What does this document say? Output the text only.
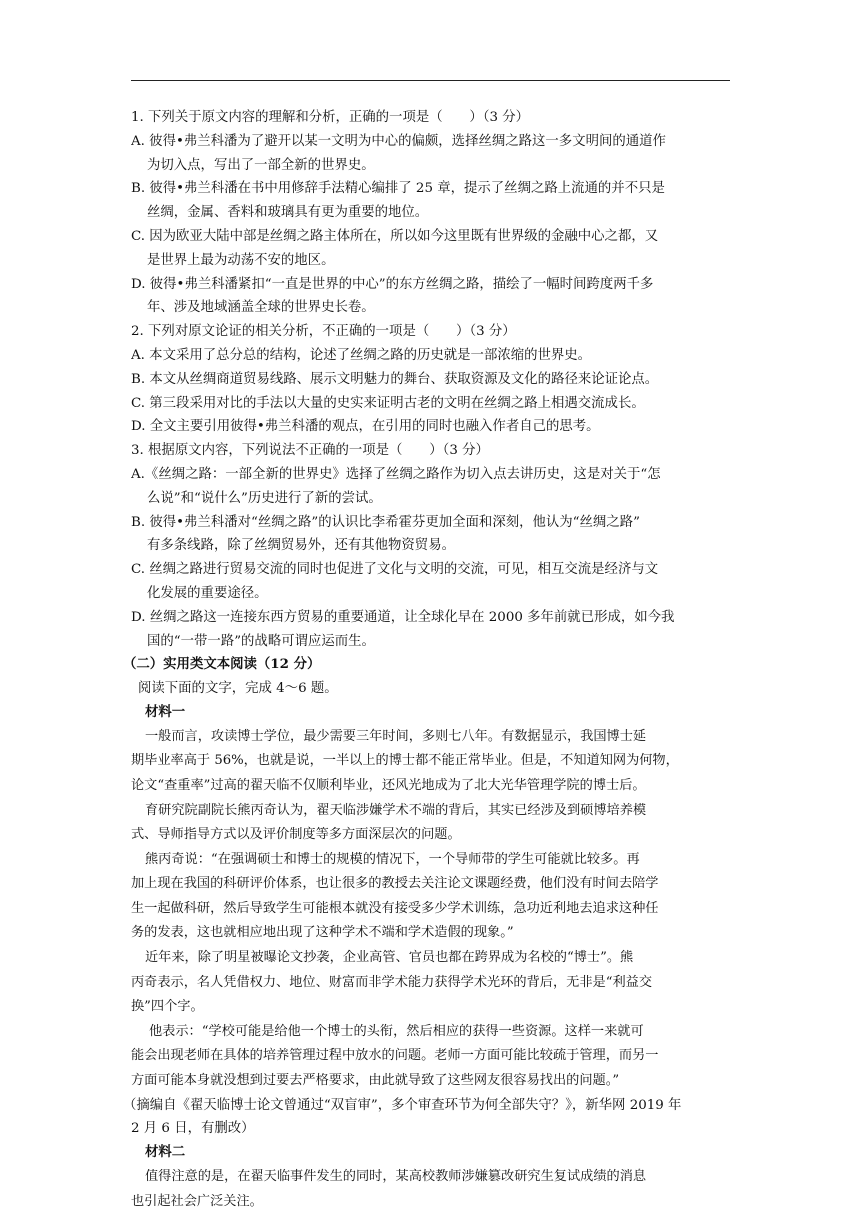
1. 下列关于原文内容的理解和分析，正确的一项是（　　）（3 分）

A. 彼得•弗兰科潘为了避开以某一文明为中心的偏颇，选择丝绸之路这一多文明间的通道作

为切入点，写出了一部全新的世界史。

B. 彼得•弗兰科潘在书中用修辞手法精心编排了 25 章，提示了丝绸之路上流通的并不只是

丝绸，金属、香料和玻璃具有更为重要的地位。

C. 因为欧亚大陆中部是丝绸之路主体所在，所以如今这里既有世界级的金融中心之都，又

是世界上最为动荡不安的地区。

D. 彼得•弗兰科潘紧扣“一直是世界的中心”的东方丝绸之路，描绘了一幅时间跨度两千多

年、涉及地域涵盖全球的世界史长卷。

2. 下列对原文论证的相关分析，不正确的一项是（　　）（3 分）

A. 本文采用了总分总的结构，论述了丝绸之路的历史就是一部浓缩的世界史。

B. 本文从丝绸商道贸易线路、展示文明魅力的舞台、获取资源及文化的路径来论证论点。

C. 第三段采用对比的手法以大量的史实来证明古老的文明在丝绸之路上相遇交流成长。

D. 全文主要引用彼得•弗兰科潘的观点，在引用的同时也融入作者自己的思考。

3. 根据原文内容，下列说法不正确的一项是（　　）（3 分）

A.《丝绸之路：一部全新的世界史》选择了丝绸之路作为切入点去讲历史，这是对关于“怎

么说”和“说什么”历史进行了新的尝试。

B. 彼得•弗兰科潘对“丝绸之路”的认识比李希霍芬更加全面和深刻，他认为“丝绸之路”

有多条线路，除了丝绸贸易外，还有其他物资贸易。

C. 丝绸之路进行贸易交流的同时也促进了文化与文明的交流，可见，相互交流是经济与文

化发展的重要途径。

D. 丝绸之路这一连接东西方贸易的重要通道，让全球化早在 2000 多年前就已形成，如今我

国的“一带一路”的战略可谓应运而生。

（二）实用类文本阅读（12 分）

阅读下面的文字，完成 4～6 题。

材料一

一般而言，攻读博士学位，最少需要三年时间，多则七八年。有数据显示，我国博士延

期毕业率高于 56%，也就是说，一半以上的博士都不能正常毕业。但是，不知道知网为何物，

论文“查重率”过高的翟天临不仅顺利毕业，还风光地成为了北大光华管理学院的博士后。

育研究院副院长熊丙奇认为，翟天临涉嫌学术不端的背后，其实已经涉及到硕博培养模

式、导师指导方式以及评价制度等多方面深层次的问题。

熊丙奇说：“在强调硕士和博士的规模的情况下，一个导师带的学生可能就比较多。再

加上现在我国的科研评价体系，也让很多的教授去关注论文课题经费，他们没有时间去陪学

生一起做科研，然后导致学生可能根本就没有接受多少学术训练，急功近利地去追求这种任

务的发表，这也就相应地出现了这种学术不端和学术造假的现象。”

近年来，除了明星被曝论文抄袭，企业高管、官员也都在跨界成为名校的“博士”。熊

丙奇表示，名人凭借权力、地位、财富而非学术能力获得学术光环的背后，无非是“利益交

换”四个字。

他表示：“学校可能是给他一个博士的头衔，然后相应的获得一些资源。这样一来就可

能会出现老师在具体的培养管理过程中放水的问题。老师一方面可能比较疏于管理，而另一

方面可能本身就没想到过要去严格要求，由此就导致了这些网友很容易找出的问题。”

（摘编自《翟天临博士论文曾通过“双盲审”，多个审查环节为何全部失守？》，新华网 2019 年

2 月 6 日，有删改）

材料二

值得注意的是，在翟天临事件发生的同时，某高校教师涉嫌篡改研究生复试成绩的消息

也引起社会广泛关注。
